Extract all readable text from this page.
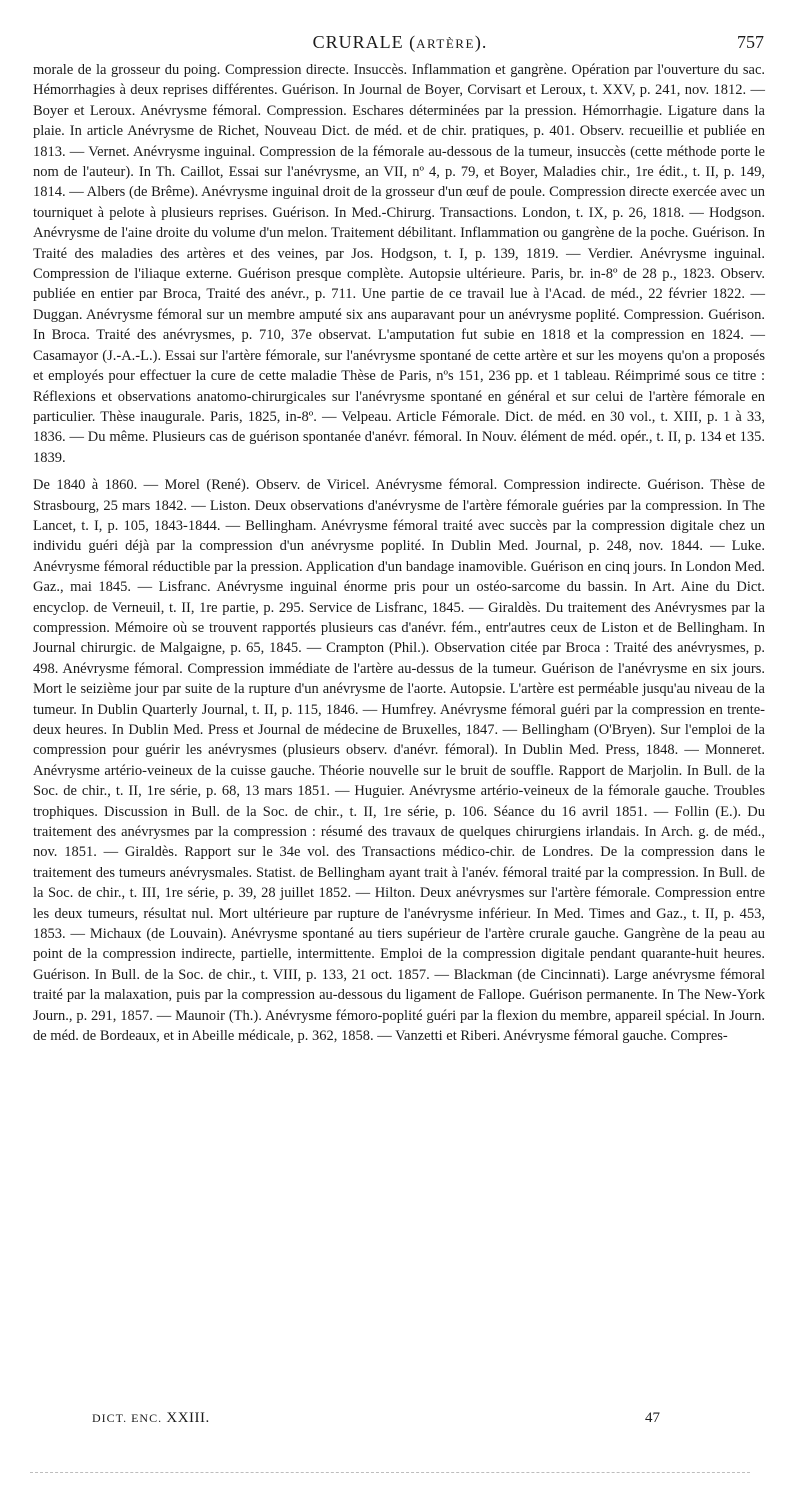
CRURALE (ARTÈRE).	757

morale de la grosseur du poing. Compression directe. Insuccès. Inflammation et gangrène. Opération par l'ouverture du sac. Hémorrhagies à deux reprises différentes. Guérison. In Journal de Boyer, Corvisart et Leroux, t. XXV, p. 241, nov. 1812. — Boyer et Leroux. Anévrysme fémoral. Compression. Eschares déterminées par la pression. Hémorrhagie. Ligature dans la plaie. In article Anévrysme de Richet, Nouveau Dict. de méd. et de chir. pratiques, p. 401. Observ. recueillie et publiée en 1813. — Vernet. Anévrysme inguinal. Compression de la fémorale au-dessous de la tumeur, insuccès (cette méthode porte le nom de l'auteur). In Th. Caillot, Essai sur l'anévrysme, an VII, nº 4, p. 79, et Boyer, Maladies chir., 1re édit., t. II, p. 149, 1814. — Albers (de Brême). Anévrysme inguinal droit de la grosseur d'un œuf de poule. Compression directe exercée avec un tourniquet à pelote à plusieurs reprises. Guérison. In Med.-Chirurg. Transactions. London, t. IX, p. 26, 1818. — Hodgson. Anévrysme de l'aine droite du volume d'un melon. Traitement débilitant. Inflammation ou gangrène de la poche. Guérison. In Traité des maladies des artères et des veines, par Jos. Hodgson, t. I, p. 139, 1819. — Verdier. Anévrysme inguinal. Compression de l'iliaque externe. Guérison presque complète. Autopsie ultérieure. Paris, br. in-8º de 28 p., 1823. Observ. publiée en entier par Broca, Traité des anévr., p. 711. Une partie de ce travail lue à l'Acad. de méd., 22 février 1822. — Duggan. Anévrysme fémoral sur un membre amputé six ans auparavant pour un anévrysme poplité. Compression. Guérison. In Broca. Traité des anévrysmes, p. 710, 37e observat. L'amputation fut subie en 1818 et la compression en 1824. — Casamayor (J.-A.-L.). Essai sur l'artère fémorale, sur l'anévrysme spontané de cette artère et sur les moyens qu'on a proposés et employés pour effectuer la cure de cette maladie Thèse de Paris, nºs 151, 236 pp. et 1 tableau. Réimprimé sous ce titre : Réflexions et observations anatomo-chirurgicales sur l'anévrysme spontané en général et sur celui de l'artère fémorale en particulier. Thèse inaugurale. Paris, 1825, in-8º. — Velpeau. Article Fémorale. Dict. de méd. en 30 vol., t. XIII, p. 1 à 33, 1836. — Du même. Plusieurs cas de guérison spontanée d'anévr. fémoral. In Nouv. élément de méd. opér., t. II, p. 134 et 135. 1839.

De 1840 à 1860. — Morel (René). Observ. de Viricel. Anévrysme fémoral. Compression indirecte. Guérison. Thèse de Strasbourg, 25 mars 1842. — Liston. Deux observations d'anévrysme de l'artère fémorale guéries par la compression. In The Lancet, t. I, p. 105, 1843-1844. — Bellingham. Anévrysme fémoral traité avec succès par la compression digitale chez un individu guéri déjà par la compression d'un anévrysme poplité. In Dublin Med. Journal, p. 248, nov. 1844. — Luke. Anévrysme fémoral réductible par la pression. Application d'un bandage inamovible. Guérison en cinq jours. In London Med. Gaz., mai 1845. — Lisfranc. Anévrysme inguinal énorme pris pour un ostéo-sarcome du bassin. In Art. Aine du Dict. encyclop. de Verneuil, t. II, 1re partie, p. 295. Service de Lisfranc, 1845. — Giraldès. Du traitement des Anévrysmes par la compression. Mémoire où se trouvent rapportés plusieurs cas d'anévr. fém., entr'autres ceux de Liston et de Bellingham. In Journal chirurgic. de Malgaigne, p. 65, 1845. — Crampton (Phil.). Observation citée par Broca : Traité des anévrysmes, p. 498. Anévrysme fémoral. Compression immédiate de l'artère au-dessus de la tumeur. Guérison de l'anévrysme en six jours. Mort le seizième jour par suite de la rupture d'un anévrysme de l'aorte. Autopsie. L'artère est perméable jusqu'au niveau de la tumeur. In Dublin Quarterly Journal, t. II, p. 115, 1846. — Humfrey. Anévrysme fémoral guéri par la compression en trente-deux heures. In Dublin Med. Press et Journal de médecine de Bruxelles, 1847. — Bellingham (O'Bryen). Sur l'emploi de la compression pour guérir les anévrysmes (plusieurs observ. d'anévr. fémoral). In Dublin Med. Press, 1848. — Monneret. Anévrysme artério-veineux de la cuisse gauche. Théorie nouvelle sur le bruit de souffle. Rapport de Marjolin. In Bull. de la Soc. de chir., t. II, 1re série, p. 68, 13 mars 1851. — Huguier. Anévrysme artério-veineux de la fémorale gauche. Troubles trophiques. Discussion in Bull. de la Soc. de chir., t. II, 1re série, p. 106. Séance du 16 avril 1851. — Follin (E.). Du traitement des anévrysmes par la compression : résumé des travaux de quelques chirurgiens irlandais. In Arch. g. de méd., nov. 1851. — Giraldès. Rapport sur le 34e vol. des Transactions médico-chir. de Londres. De la compression dans le traitement des tumeurs anévrysmales. Statist. de Bellingham ayant trait à l'anév. fémoral traité par la compression. In Bull. de la Soc. de chir., t. III, 1re série, p. 39, 28 juillet 1852. — Hilton. Deux anévrysmes sur l'artère fémorale. Compression entre les deux tumeurs, résultat nul. Mort ultérieure par rupture de l'anévrysme inférieur. In Med. Times and Gaz., t. II, p. 453, 1853. — Michaux (de Louvain). Anévrysme spontané au tiers supérieur de l'artère crurale gauche. Gangrène de la peau au point de la compression indirecte, partielle, intermittente. Emploi de la compression digitale pendant quarante-huit heures. Guérison. In Bull. de la Soc. de chir., t. VIII, p. 133, 21 oct. 1857. — Blackman (de Cincinnati). Large anévrysme fémoral traité par la malaxation, puis par la compression au-dessous du ligament de Fallope. Guérison permanente. In The New-York Journ., p. 291, 1857. — Maunoir (Th.). Anévrysme fémoro-poplité guéri par la flexion du membre, appareil spécial. In Journ. de méd. de Bordeaux, et in Abeille médicale, p. 362, 1858. — Vanzetti et Riberi. Anévrysme fémoral gauche. Compres-

DICT. ENC. XXIII.	47
